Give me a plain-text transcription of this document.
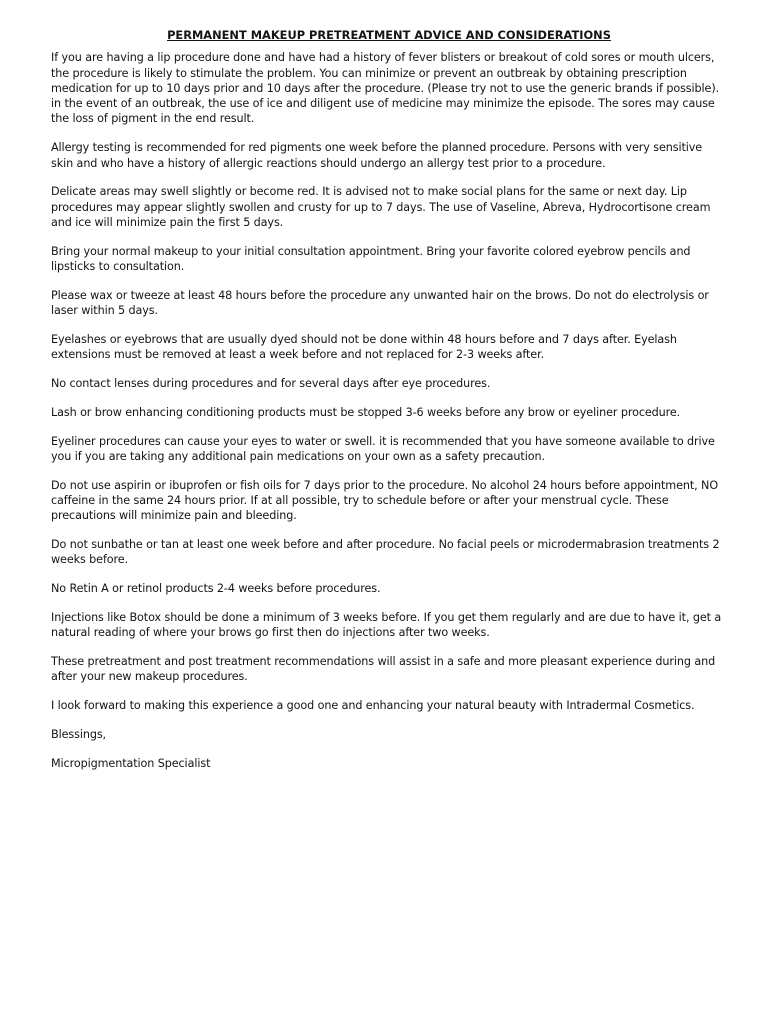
PERMANENT MAKEUP PRETREATMENT ADVICE AND CONSIDERATIONS

If you are having a lip procedure done and have had a history of fever blisters or breakout of cold sores or mouth ulcers, the procedure is likely to stimulate the problem. You can minimize or prevent an outbreak by obtaining prescription medication for up to 10 days prior and 10 days after the procedure. (Please try not to use the generic brands if possible). in the event of an outbreak, the use of ice and diligent use of medicine may minimize the episode. The sores may cause the loss of pigment in the end result.

Allergy testing is recommended for red pigments one week before the planned procedure. Persons with very sensitive skin and who have a history of allergic reactions should undergo an allergy test prior to a procedure.

Delicate areas may swell slightly or become red. It is advised not to make social plans for the same or next day. Lip procedures may appear slightly swollen and crusty for up to 7 days. The use of Vaseline, Abreva, Hydrocortisone cream and ice will minimize pain the first 5 days.

Bring your normal makeup to your initial consultation appointment. Bring your favorite colored eyebrow pencils and lipsticks to consultation.

Please wax or tweeze at least 48 hours before the procedure any unwanted hair on the brows. Do not do electrolysis or laser within 5 days.

Eyelashes or eyebrows that are usually dyed should not be done within 48 hours before and 7 days after. Eyelash extensions must be removed at least a week before and not replaced for 2-3 weeks after.

No contact lenses during procedures and for several days after eye procedures.

Lash or brow enhancing conditioning products must be stopped 3-6 weeks before any brow or eyeliner procedure.

Eyeliner procedures can cause your eyes to water or swell. it is recommended that you have someone available to drive you if you are taking any additional pain medications on your own as a safety precaution.

Do not use aspirin or ibuprofen or fish oils for 7 days prior to the procedure. No alcohol 24 hours before appointment, NO caffeine in the same 24 hours prior. If at all possible, try to schedule before or after your menstrual cycle. These precautions will minimize pain and bleeding.

Do not sunbathe or tan at least one week before and after procedure. No facial peels or microdermabrasion treatments 2 weeks before.

No Retin A or retinol products 2-4 weeks before procedures.

Injections like Botox should be done a minimum of 3 weeks before. If you get them regularly and are due to have it, get a natural reading of where your brows go first then do injections after two weeks.

These pretreatment and post treatment recommendations will assist in a safe and more pleasant experience during and after your new makeup procedures.

I look forward to making this experience a good one and enhancing your natural beauty with Intradermal Cosmetics.

Blessings,

Micropigmentation Specialist
